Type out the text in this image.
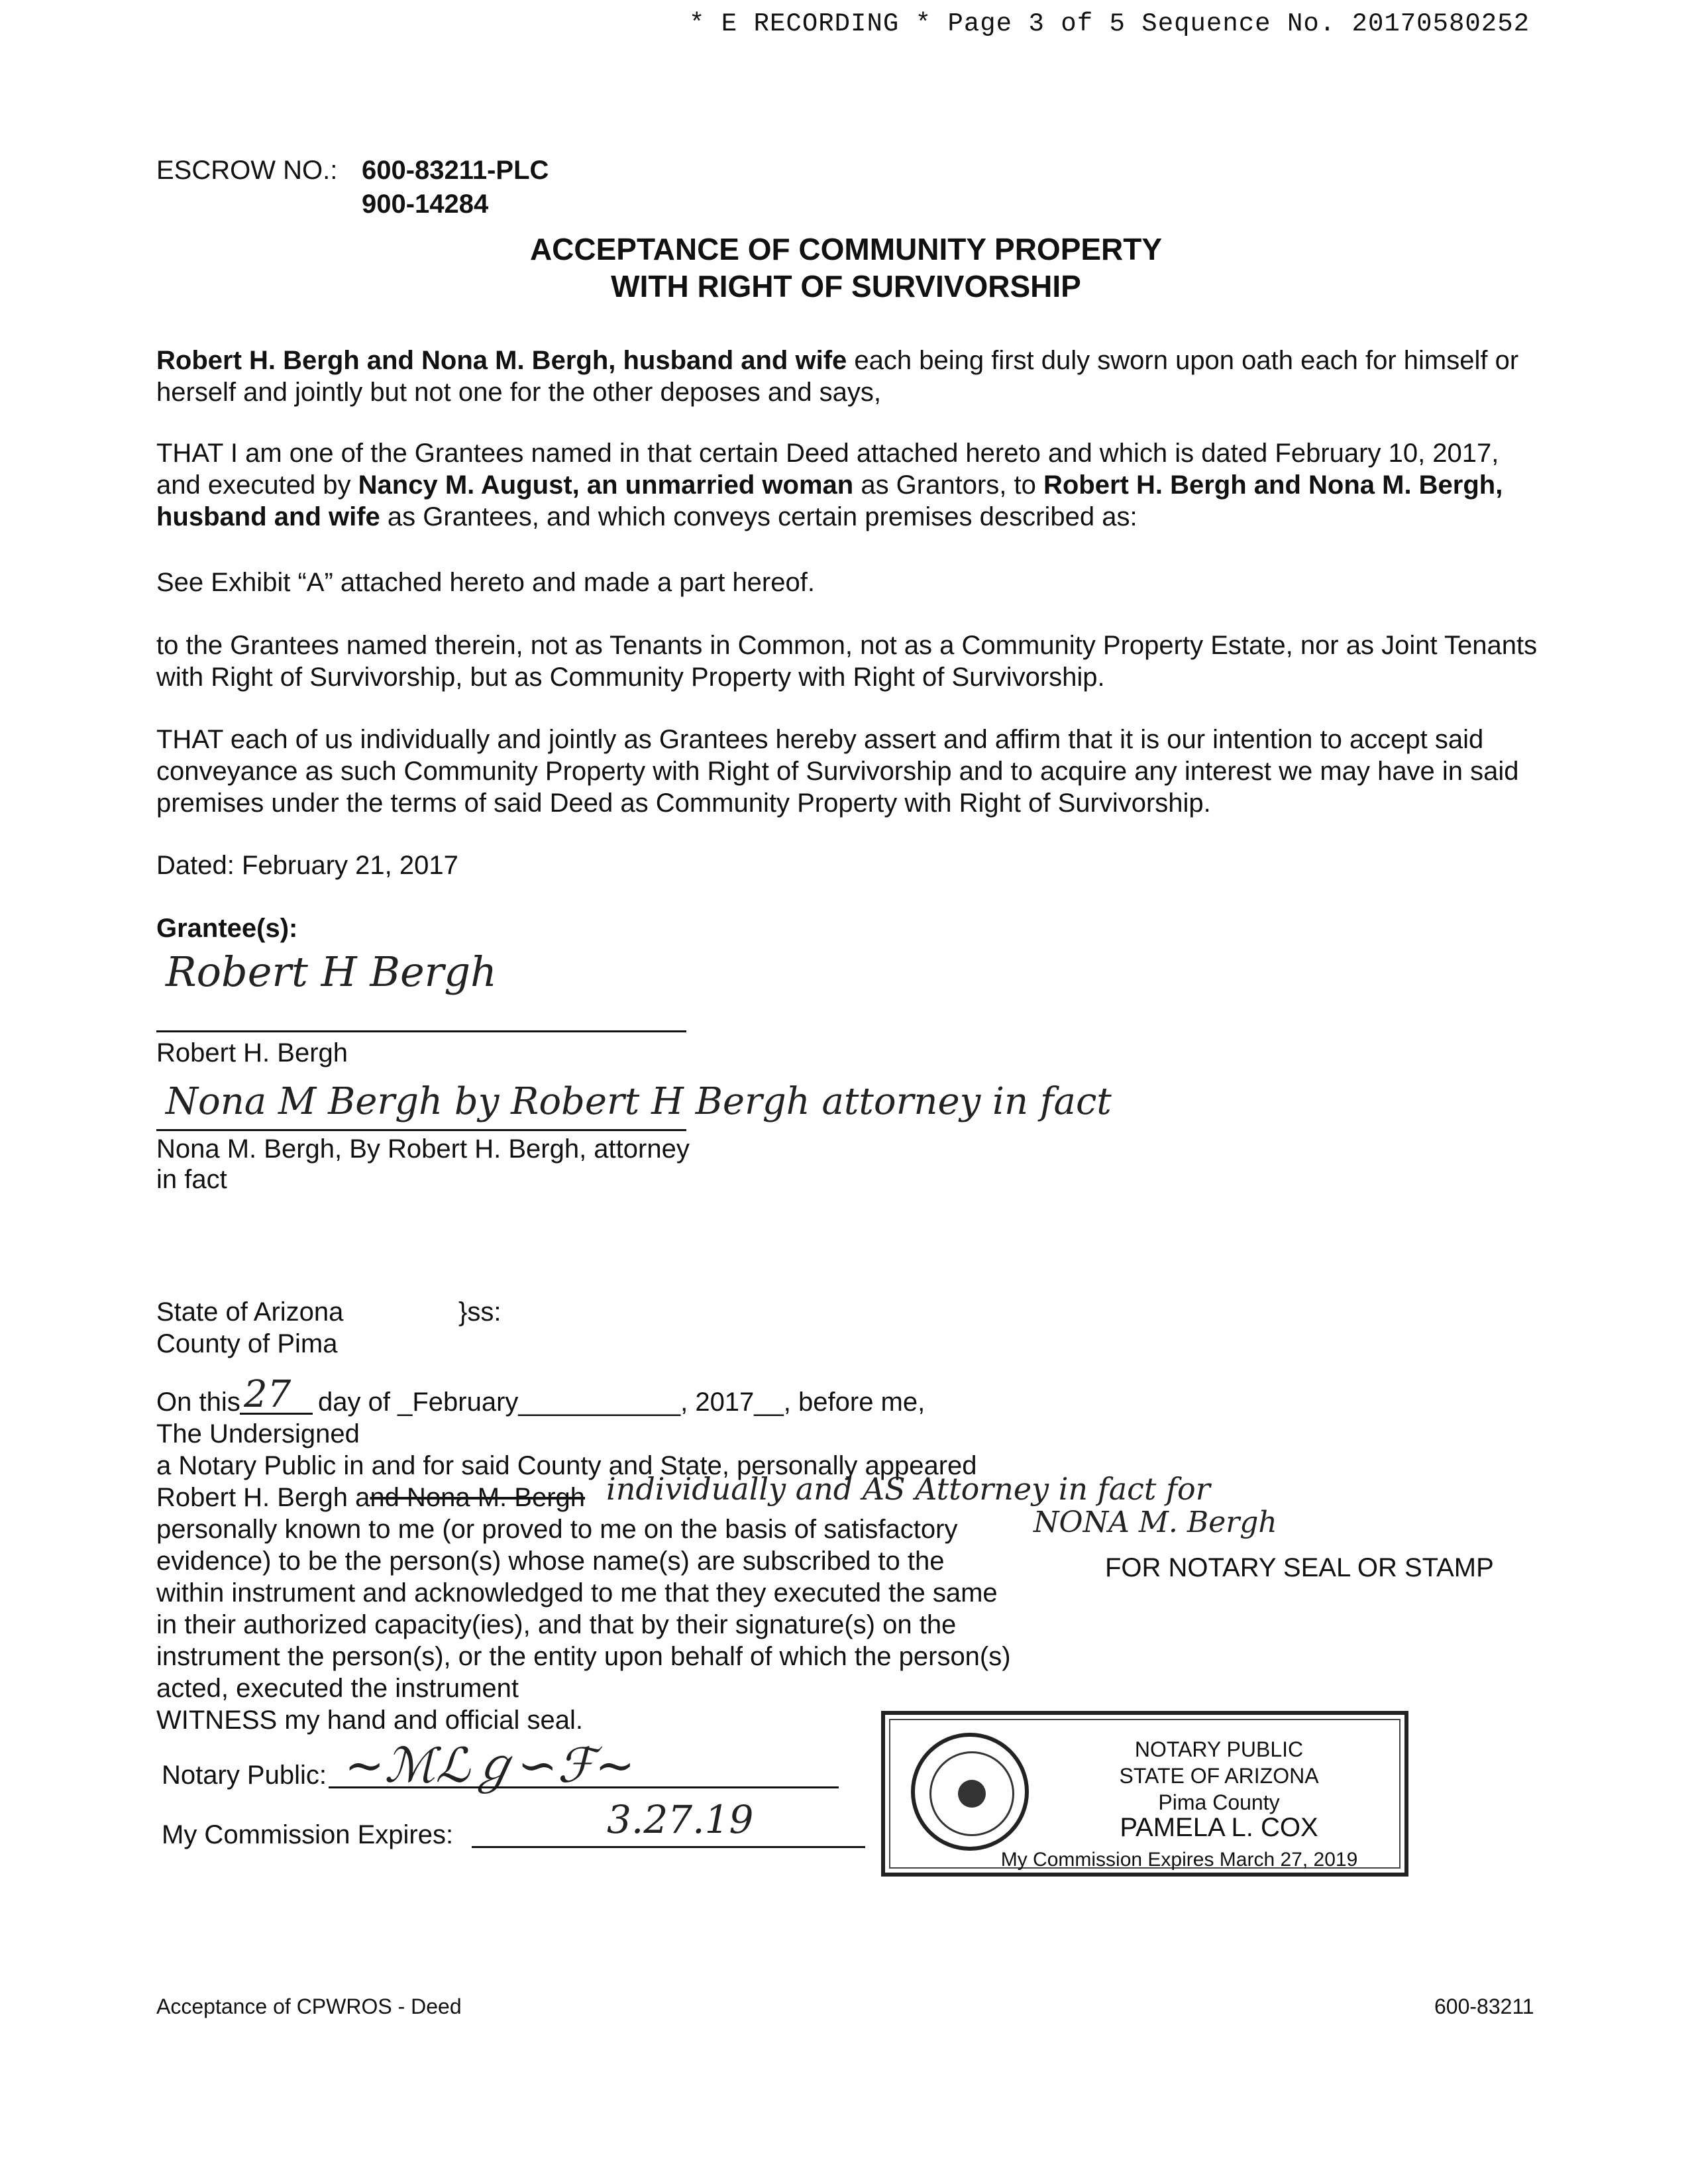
* E RECORDING * Page 3 of 5 Sequence No. 20170580252
ESCROW NO.: 600-83211-PLC
900-14284
ACCEPTANCE OF COMMUNITY PROPERTY
WITH RIGHT OF SURVIVORSHIP
Robert H. Bergh and Nona M. Bergh, husband and wife each being first duly sworn upon oath each for himself or herself and jointly but not one for the other deposes and says,
THAT I am one of the Grantees named in that certain Deed attached hereto and which is dated February 10, 2017, and executed by Nancy M. August, an unmarried woman as Grantors, to Robert H. Bergh and Nona M. Bergh, husband and wife as Grantees, and which conveys certain premises described as:
See Exhibit “A” attached hereto and made a part hereof.
to the Grantees named therein, not as Tenants in Common, not as a Community Property Estate, nor as Joint Tenants with Right of Survivorship, but as Community Property with Right of Survivorship.
THAT each of us individually and jointly as Grantees hereby assert and affirm that it is our intention to accept said conveyance as such Community Property with Right of Survivorship and to acquire any interest we may have in said premises under the terms of said Deed as Community Property with Right of Survivorship.
Dated: February 21, 2017
Grantee(s):
Robert H Bergh
Robert H. Bergh
Nona M Bergh by Robert H Bergh attorney in fact
Nona M. Bergh, By Robert H. Bergh, attorney
in fact
State of Arizona	}ss:
County of Pima
On this 27 day of _February___________, 2017__, before me,
The Undersigned
a Notary Public in and for said County and State, personally appeared
Robert H. Bergh and Nona M. Bergh individually and AS Attorney in fact for
personally known to me (or proved to me on the basis of satisfactory	NONA M. Bergh
evidence) to be the person(s) whose name(s) are subscribed to the
within instrument and acknowledged to me that they executed the same
in their authorized capacity(ies), and that by their signature(s) on the
instrument the person(s), or the entity upon behalf of which the person(s)
acted, executed the instrument
WITNESS my hand and official seal.
FOR NOTARY SEAL OR STAMP
Notary Public: ∼ℳℒℊ∽ℱ∼
My Commission Expires:	3.27.19
NOTARY PUBLIC
STATE OF ARIZONA
Pima County
PAMELA L. COX
My Commission Expires March 27, 2019
Acceptance of CPWROS - Deed	600-83211
